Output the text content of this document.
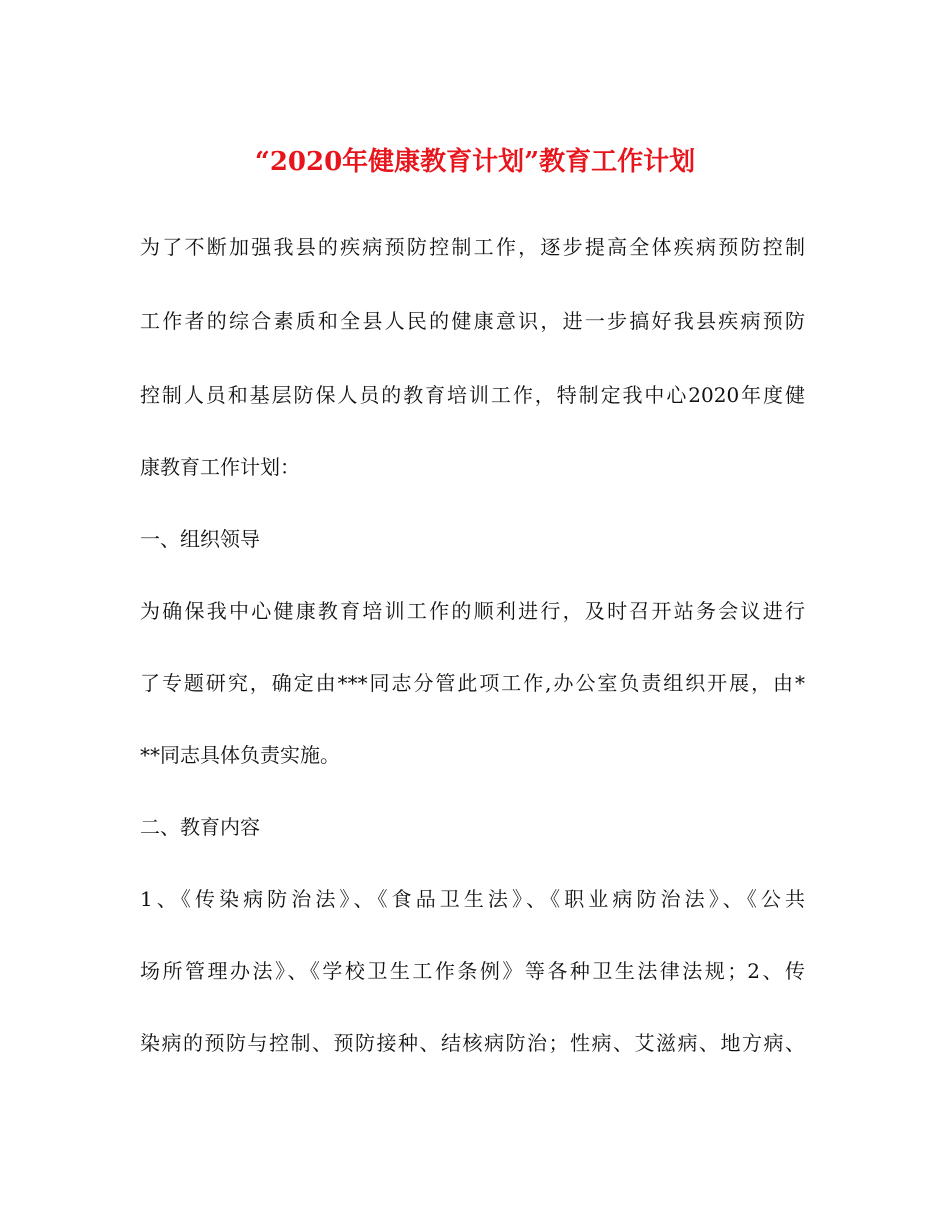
“2020年健康教育计划”教育工作计划

为了不断加强我县的疾病预防控制工作，逐步提高全体疾病预防控制

工作者的综合素质和全县人民的健康意识，进一步搞好我县疾病预防

控制人员和基层防保人员的教育培训工作，特制定我中心2020年度健

康教育工作计划：

一、组织领导

为确保我中心健康教育培训工作的顺利进行，及时召开站务会议进行

了专题研究，确定由***同志分管此项工作,办公室负责组织开展，由*

**同志具体负责实施。

二、教育内容

1、《传染病防治法》、《食品卫生法》、《职业病防治法》、《公共

场所管理办法》、《学校卫生工作条例》等各种卫生法律法规；2、传

染病的预防与控制、预防接种、结核病防治；性病、艾滋病、地方病、
